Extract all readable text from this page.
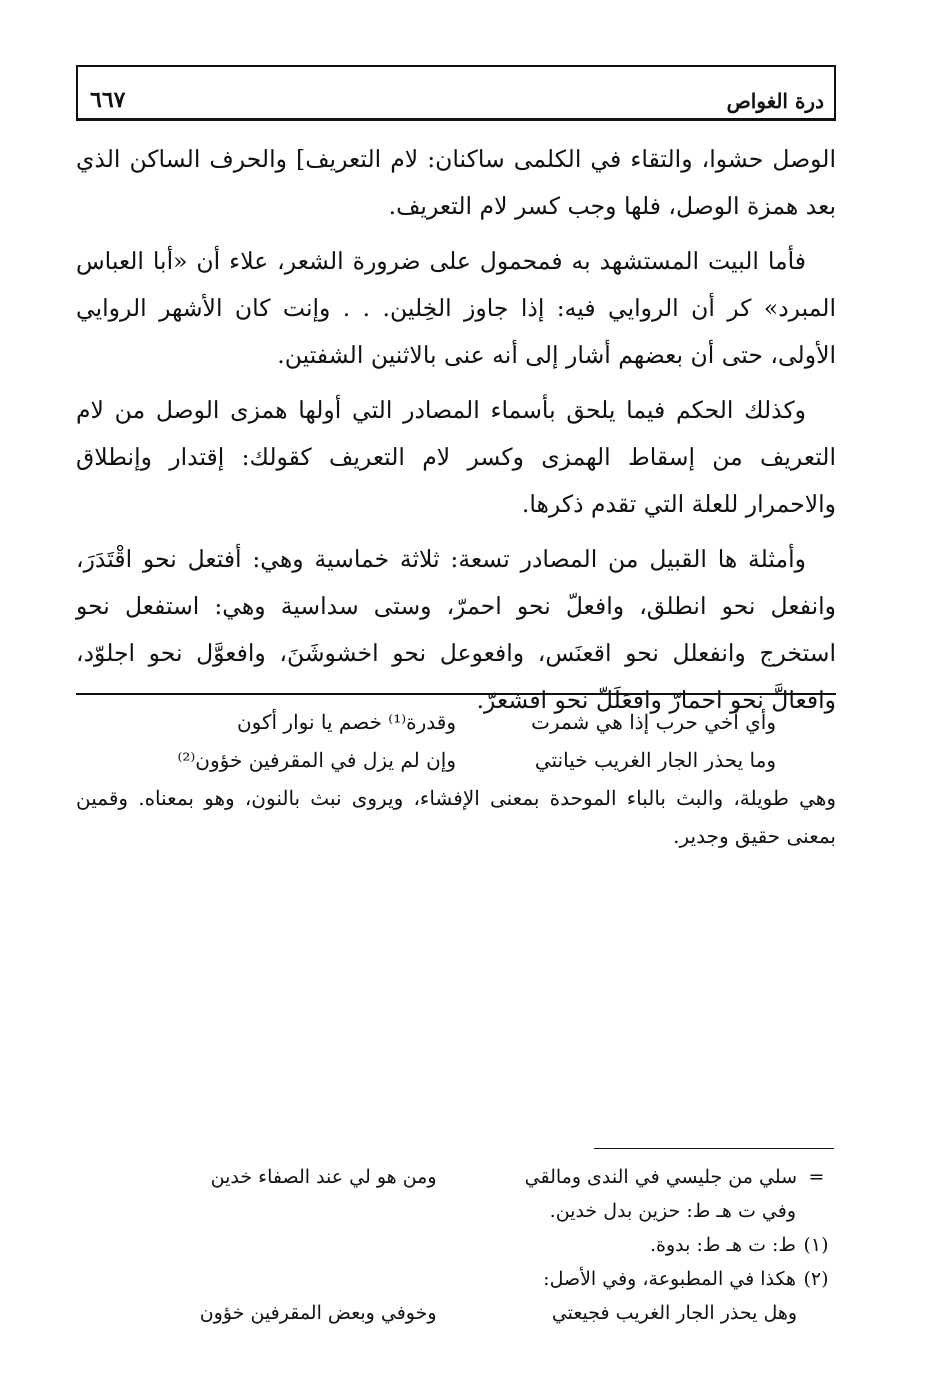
درة الغواص
٦٦٧

الوصل حشوا، والتقاء في الكلمى ساكنان: لام التعريف] والحرف الساكن الذي بعد همزة الوصل، فلها وجب كسر لام التعريف.

فأما البيت المستشهد به فمحمول على ضرورة الشعر، علاء أن «أبا العباس المبرد» كر أن الروايي فيه: إذا جاوز الخِلين. . . وإنت كان الأشهر الروايي الأولى، حتى أن بعضهم أشار إلى أنه عنى بالاثنين الشفتين.

وكذلك الحكم فيما يلحق بأسماء المصادر التي أولها همزى الوصل من لام التعريف من إسقاط الهمزى وكسر لام التعريف كقولك: إقتدار وإنطلاق والاحمرار للعلة التي تقدم ذكرها.

وأمثلة ها القبيل من المصادر تسعة: ثلاثة خماسية وهي: أفتعل نحو اقْتَدَرَ، وانفعل نحو انطلق، وافعلّ نحو احمرّ، وستى سداسية وهي: استفعل نحو استخرج وانفعلل نحو اقعنَس، وافعوعل نحو اخشوشَنَ، وافعوَّل نحو اجلوّد، وافعالَّ نحو احمارّ وافعَلَلّ نحو اقشعرّ.

وأي أخي حرب إذا هي شمرت
وقدرة⁽¹⁾ خصم يا نوار أكون
وما يحذر الجار الغريب خيانتي
وإن لم يزل في المقرفين خؤون⁽²⁾

وهي طويلة، والبث بالباء الموحدة بمعنى الإفشاء، ويروى نبث بالنون، وهو بمعناه. وقمين بمعنى حقيق وجدير.

=
سلي من جليسي في الندى ومالقي
ومن هو لي عند الصفاء خدين
وفي ت هـ ط: حزين بدل خدين.
(١)
ط: ت هـ ط: بدوة.
(٢)
هكذا في المطبوعة، وفي الأصل:
وهل يحذر الجار الغريب فجيعتي
وخوفي وبعض المقرفين خؤون
